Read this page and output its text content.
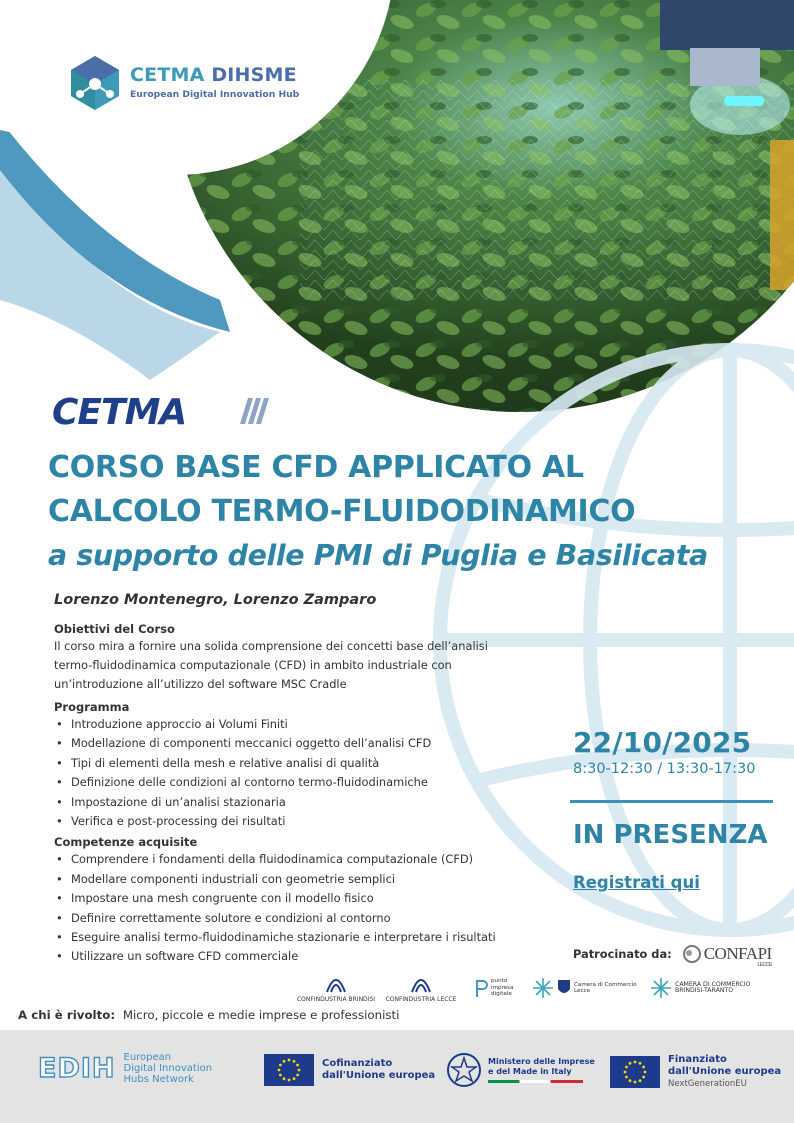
CETMA DIHSME
European Digital Innovation Hub
CETMA
CORSO BASE CFD APPLICATO AL
CALCOLO TERMO-FLUIDODINAMICO
a supporto delle PMI di Puglia e Basilicata
Lorenzo Montenegro, Lorenzo Zamparo
Obiettivi del Corso
Il corso mira a fornire una solida comprensione dei concetti base dell’analisi
termo-fluidodinamica computazionale (CFD) in ambito industriale con
un’introduzione all’utilizzo del software MSC Cradle
Programma
• Introduzione approccio ai Volumi Finiti
• Modellazione di componenti meccanici oggetto dell’analisi CFD
• Tipi di elementi della mesh e relative analisi di qualità
• Definizione delle condizioni al contorno termo-fluidodinamiche
• Impostazione di un’analisi stazionaria
• Verifica e post-processing dei risultati
Competenze acquisite
• Comprendere i fondamenti della fluidodinamica computazionale (CFD)
• Modellare componenti industriali con geometrie semplici
• Impostare una mesh congruente con il modello fisico
• Definire correttamente solutore e condizioni al contorno
• Eseguire analisi termo-fluidodinamiche stazionarie e interpretare i risultati
• Utilizzare un software CFD commerciale
22/10/2025
8:30-12:30 / 13:30-17:30
IN PRESENZA
Registrati qui
Patrocinato da: CONFAPI
LECCE
CONFINDUSTRIA BRINDISI CONFINDUSTRIA LECCE
punto
impresa
digitale
Camera di Commercio
Lecce
CAMERA DI COMMERCIO
BRINDISI-TARANTO
A chi è rivolto: Micro, piccole e medie imprese e professionisti
EDIH European
Digital Innovation
Hubs Network
Cofinanziato
dall'Unione europea
Ministero delle Imprese
e del Made in Italy
Finanziato
dall'Unione europea
NextGenerationEU
